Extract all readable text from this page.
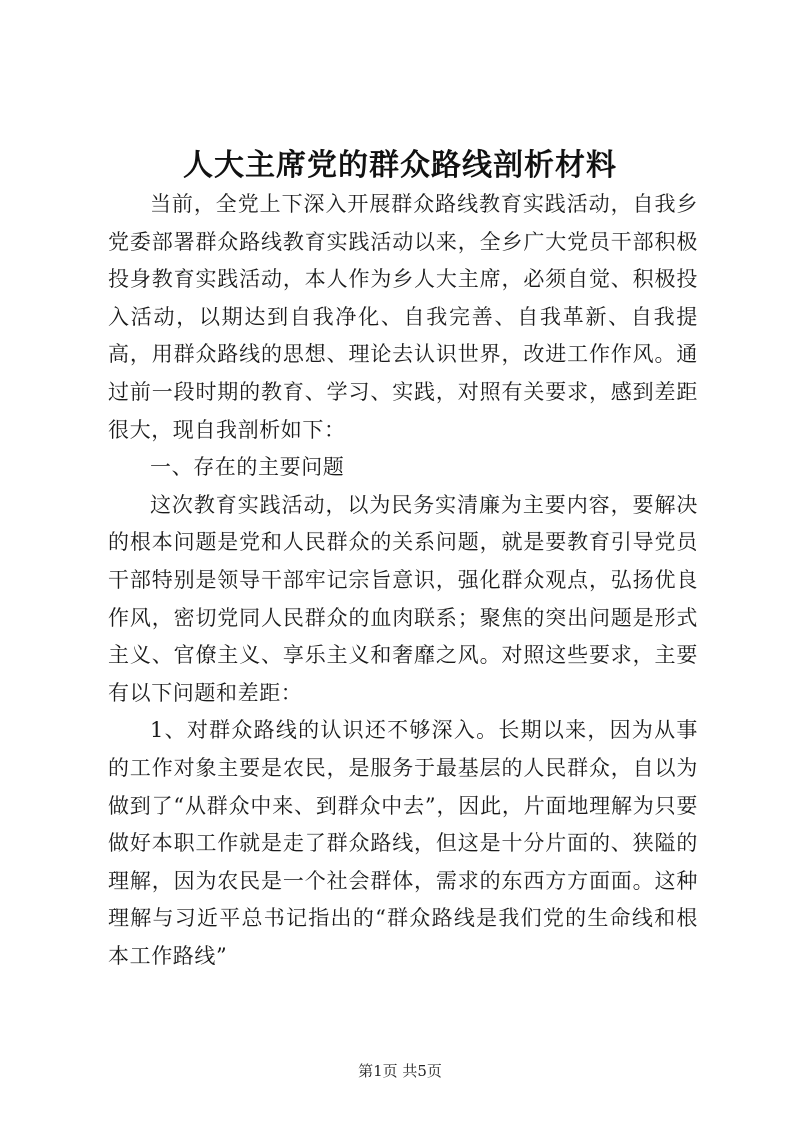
人大主席党的群众路线剖析材料

当前，全党上下深入开展群众路线教育实践活动，自我乡党委部署群众路线教育实践活动以来，全乡广大党员干部积极投身教育实践活动，本人作为乡人大主席，必须自觉、积极投入活动，以期达到自我净化、自我完善、自我革新、自我提高，用群众路线的思想、理论去认识世界，改进工作作风。通过前一段时期的教育、学习、实践，对照有关要求，感到差距很大，现自我剖析如下：

一、存在的主要问题

这次教育实践活动，以为民务实清廉为主要内容，要解决的根本问题是党和人民群众的关系问题，就是要教育引导党员干部特别是领导干部牢记宗旨意识，强化群众观点，弘扬优良作风，密切党同人民群众的血肉联系；聚焦的突出问题是形式主义、官僚主义、享乐主义和奢靡之风。对照这些要求，主要有以下问题和差距：

1、对群众路线的认识还不够深入。长期以来，因为从事的工作对象主要是农民，是服务于最基层的人民群众，自以为做到了“从群众中来、到群众中去”，因此，片面地理解为只要做好本职工作就是走了群众路线，但这是十分片面的、狭隘的理解，因为农民是一个社会群体，需求的东西方方面面。这种理解与习近平总书记指出的“群众路线是我们党的生命线和根本工作路线”

第1页 共5页
